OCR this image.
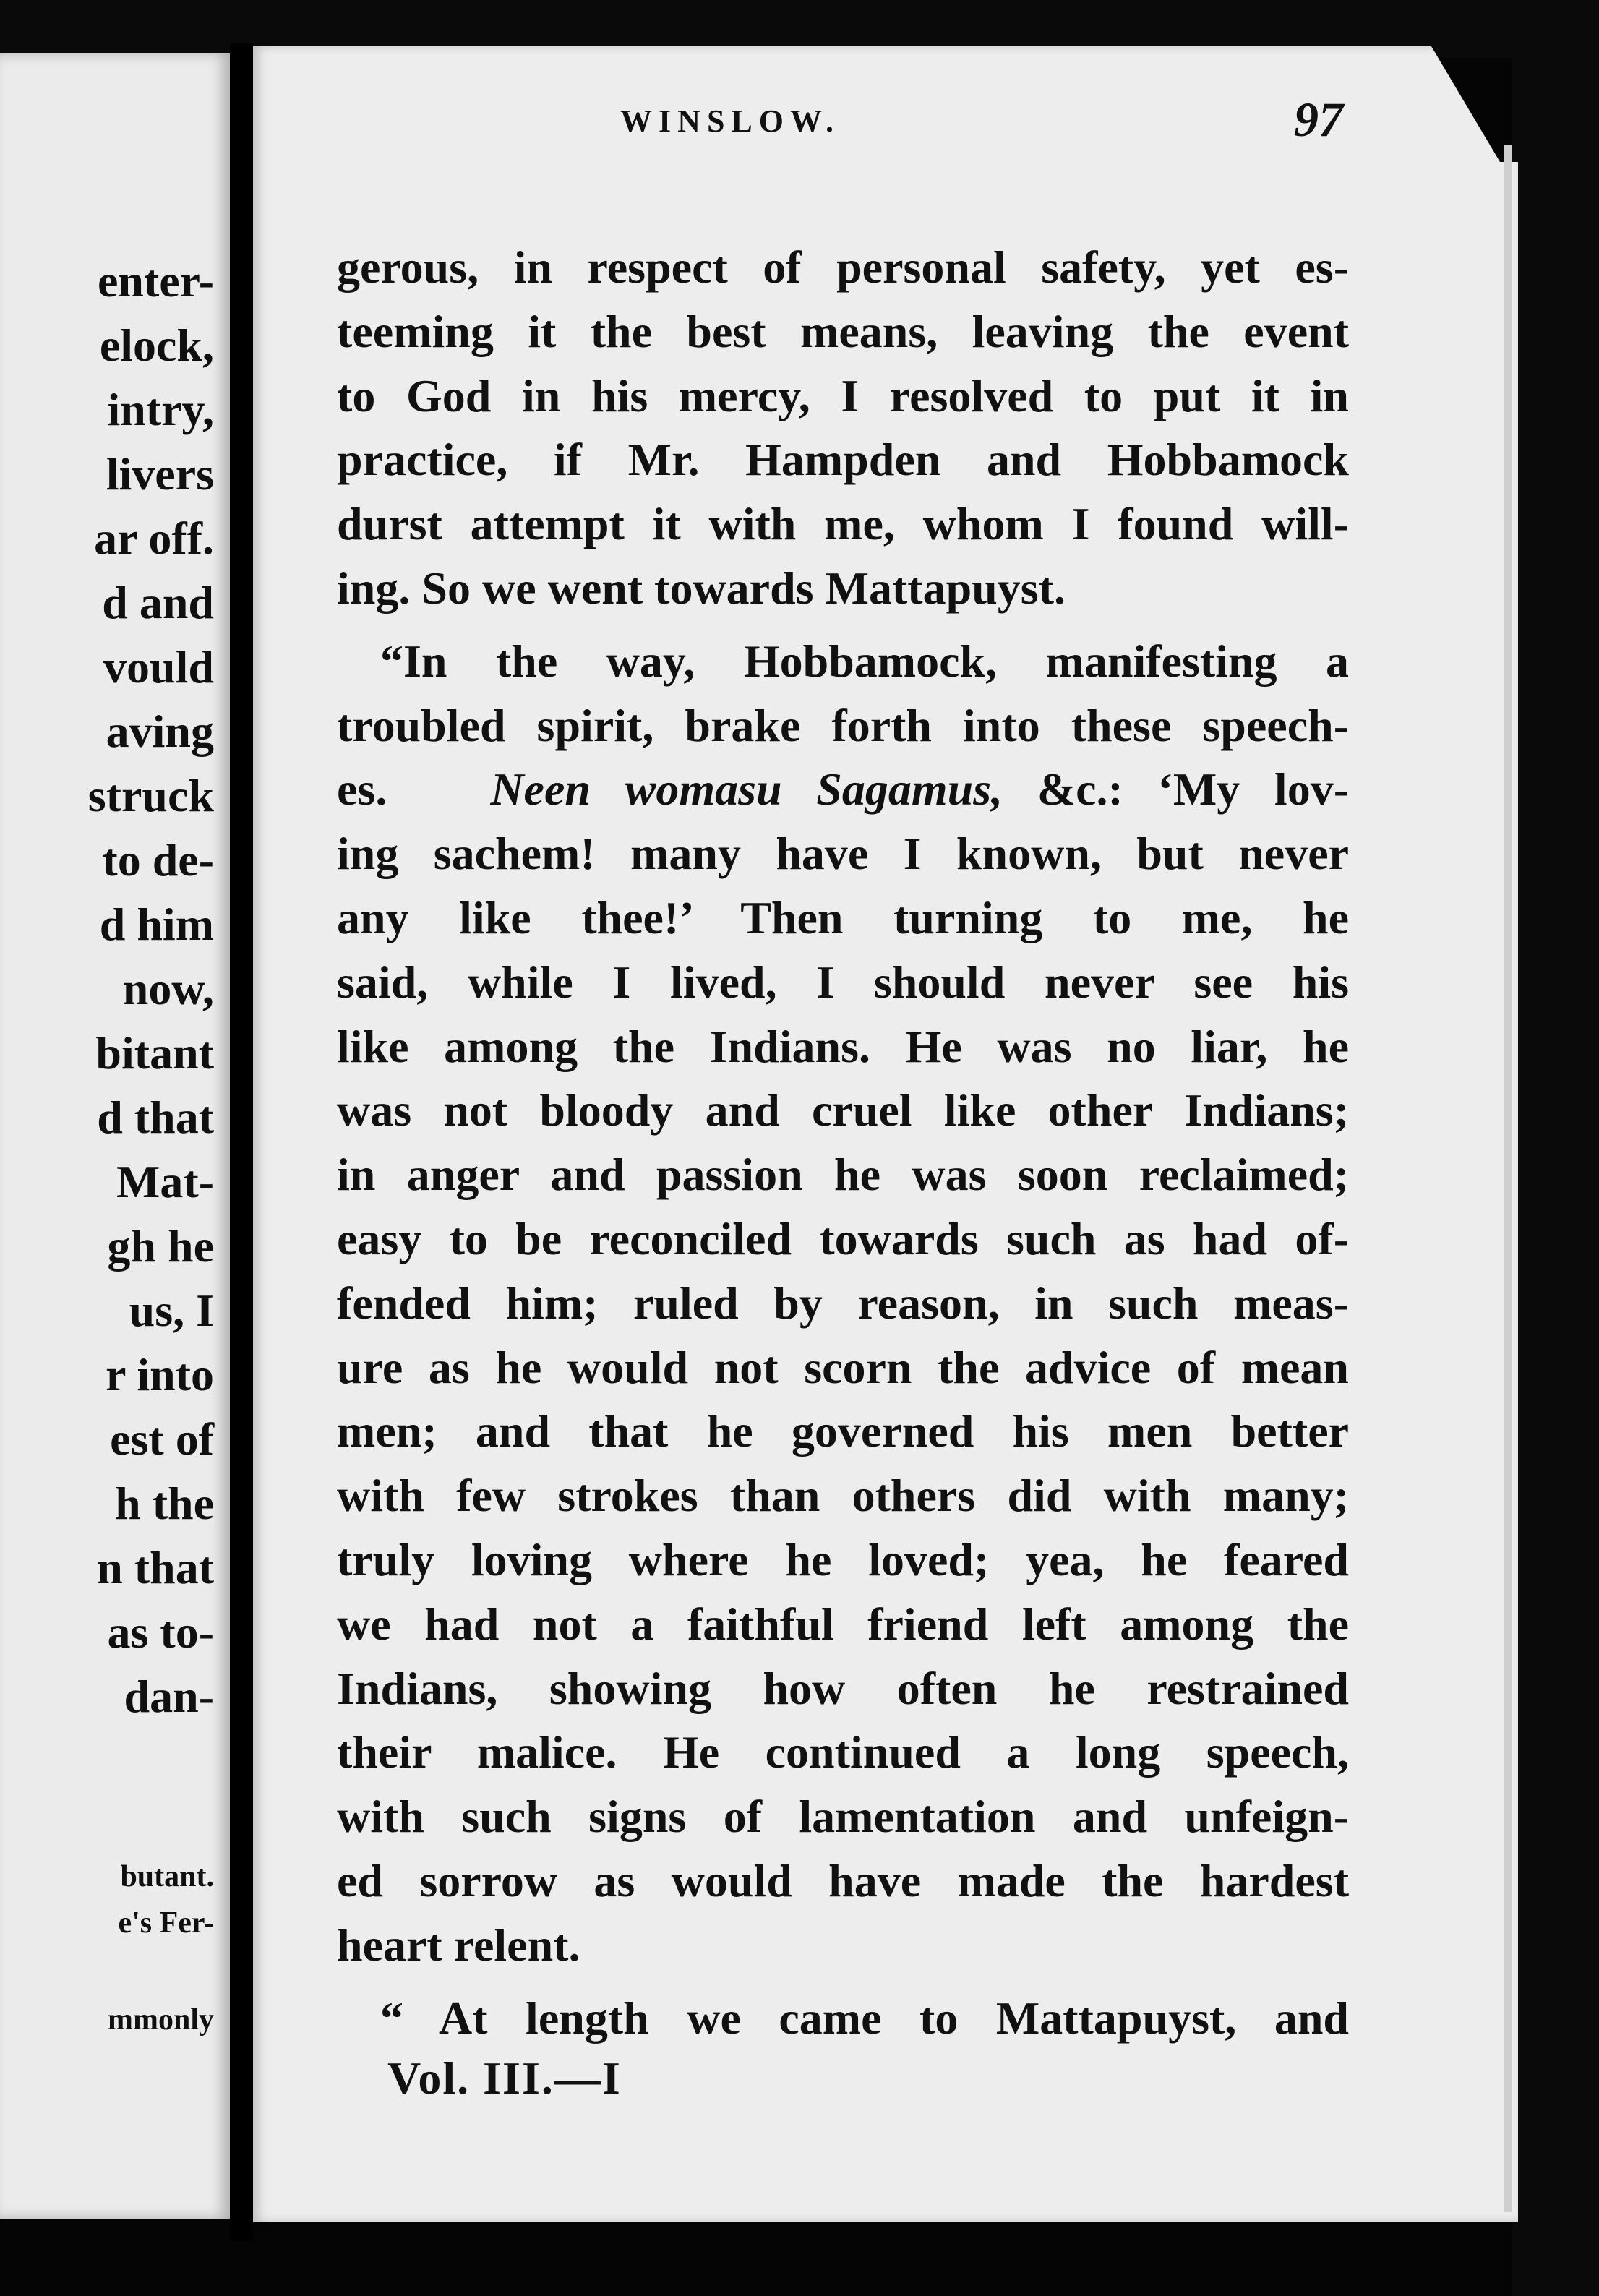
enter-
elock,
intry,
livers
ar off.
d and
vould
aving
struck
to de-
d him
now,
bitant
d that
Mat-
gh he
us, I
r into
est of
h the
n that
as to-
dan-
butant.
e's Fer-
mmonly
WINSLOW.	97

gerous, in respect of personal safety, yet es-
teeming it the best means, leaving the event
to God in his mercy, I resolved to put it in
practice, if Mr. Hampden and Hobbamock
durst attempt it with me, whom I found will-
ing. So we went towards Mattapuyst.

“In the way, Hobbamock, manifesting a
troubled spirit, brake forth into these speech-
es. Neen womasu Sagamus, &c.: ‘My lov-
ing sachem! many have I known, but never
any like thee!’ Then turning to me, he
said, while I lived, I should never see his
like among the Indians. He was no liar, he
was not bloody and cruel like other Indians;
in anger and passion he was soon reclaimed;
easy to be reconciled towards such as had of-
fended him; ruled by reason, in such meas-
ure as he would not scorn the advice of mean
men; and that he governed his men better
with few strokes than others did with many;
truly loving where he loved; yea, he feared
we had not a faithful friend left among the
Indians, showing how often he restrained
their malice. He continued a long speech,
with such signs of lamentation and unfeign-
ed sorrow as would have made the hardest
heart relent.

“ At length we came to Mattapuyst, and

Vol. III.—I
